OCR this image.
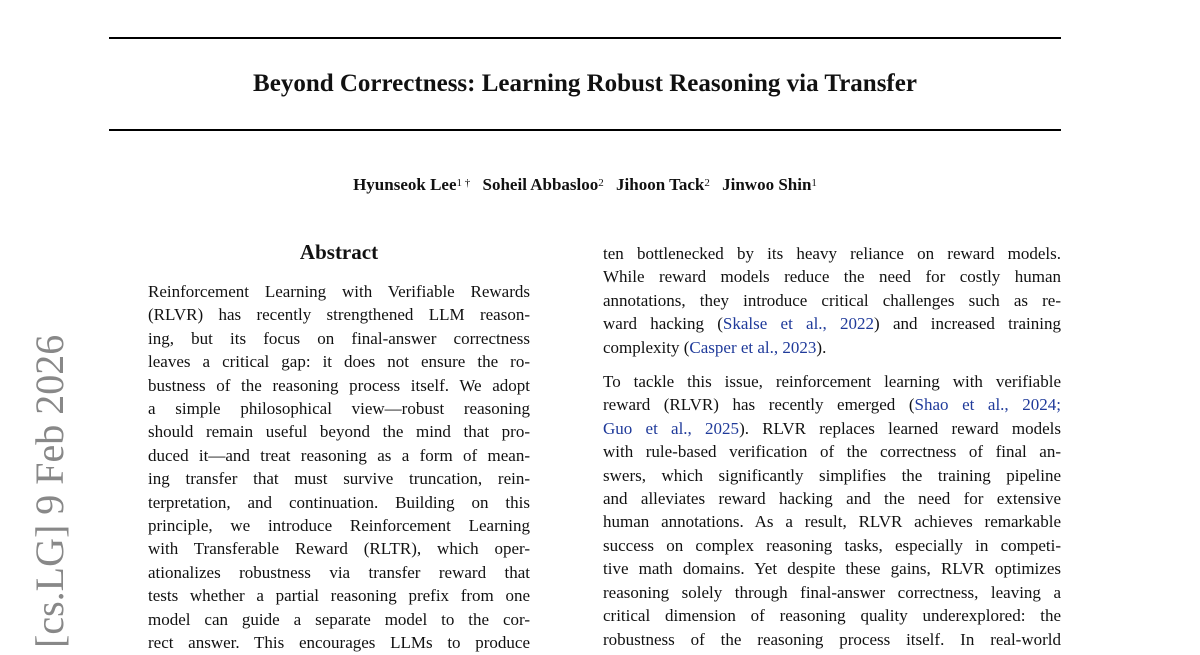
Beyond Correctness: Learning Robust Reasoning via Transfer
Hyunseok Lee$^{1 \dagger}$ Soheil Abbasloo$^2$ Jihoon Tack$^2$ Jinwoo Shin$^1$
Abstract

Reinforcement Learning with Verifiable Rewards
(RLVR) has recently strengthened LLM reason-
ing, but its focus on final-answer correctness
leaves a critical gap: it does not ensure the ro-
bustness of the reasoning process itself. We adopt
a simple philosophical view—robust reasoning
should remain useful beyond the mind that pro-
duced it—and treat reasoning as a form of mean-
ing transfer that must survive truncation, rein-
terpretation, and continuation. Building on this
principle, we introduce Reinforcement Learning
with Transferable Reward (RLTR), which oper-
ationalizes robustness via transfer reward that
tests whether a partial reasoning prefix from one
model can guide a separate model to the cor-
rect answer. This encourages LLMs to produce

ten bottlenecked by its heavy reliance on reward models.
While reward models reduce the need for costly human
annotations, they introduce critical challenges such as re-
ward hacking (Skalse et al., 2022) and increased training
complexity (Casper et al., 2023).

To tackle this issue, reinforcement learning with verifiable
reward (RLVR) has recently emerged (Shao et al., 2024;
Guo et al., 2025). RLVR replaces learned reward models
with rule-based verification of the correctness of final an-
swers, which significantly simplifies the training pipeline
and alleviates reward hacking and the need for extensive
human annotations. As a result, RLVR achieves remarkable
success on complex reasoning tasks, especially in competi-
tive math domains. Yet despite these gains, RLVR optimizes
reasoning solely through final-answer correctness, leaving a
critical dimension of reasoning quality underexplored: the
robustness of the reasoning process itself. In real-world

[cs.LG] 9 Feb 2026
